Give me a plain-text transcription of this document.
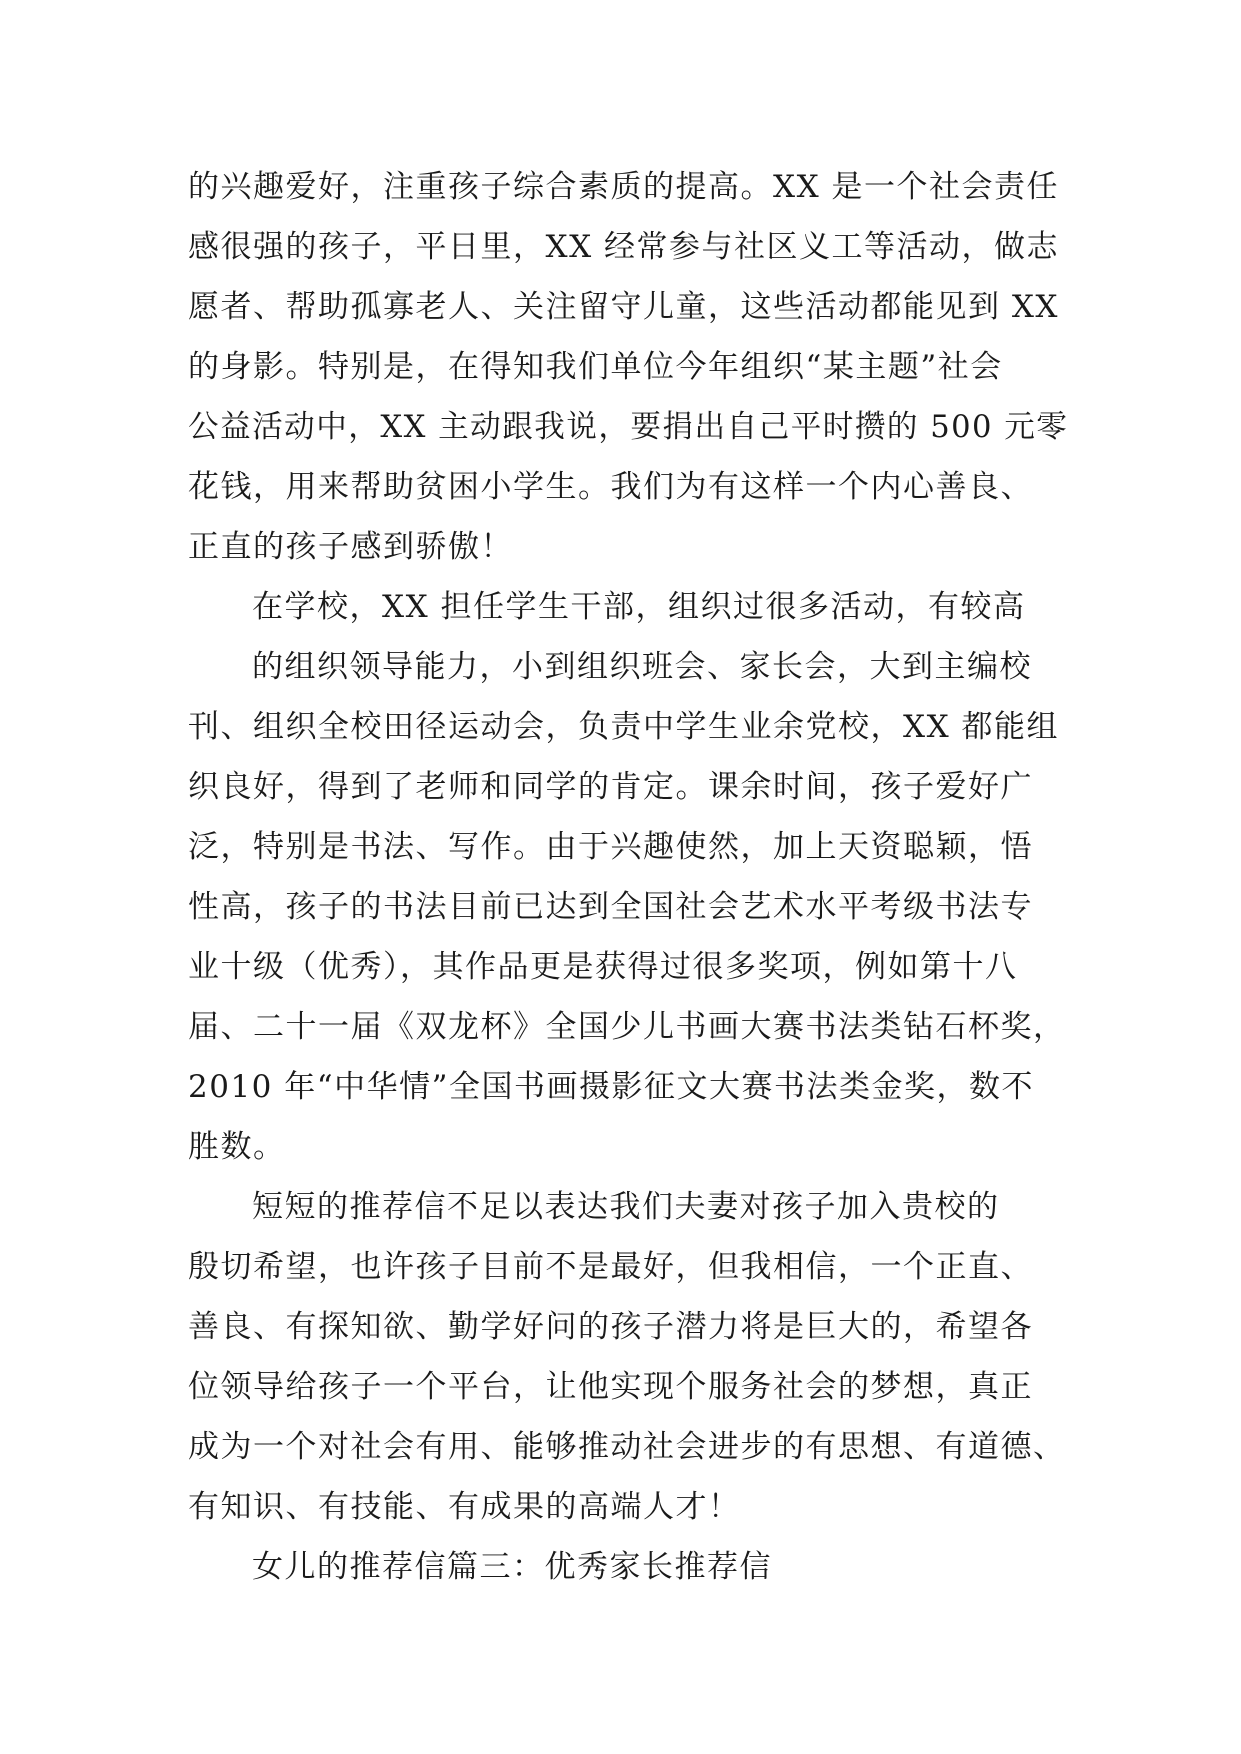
的兴趣爱好，注重孩子综合素质的提高。XX 是一个社会责任
感很强的孩子，平日里，XX 经常参与社区义工等活动，做志
愿者、帮助孤寡老人、关注留守儿童，这些活动都能见到 XX
的身影。特别是，在得知我们单位今年组织“某主题”社会
公益活动中，XX 主动跟我说，要捐出自己平时攒的 500 元零
花钱，用来帮助贫困小学生。我们为有这样一个内心善良、
正直的孩子感到骄傲！
在学校，XX 担任学生干部，组织过很多活动，有较高
的组织领导能力，小到组织班会、家长会，大到主编校
刊、组织全校田径运动会，负责中学生业余党校，XX 都能组
织良好，得到了老师和同学的肯定。课余时间，孩子爱好广
泛，特别是书法、写作。由于兴趣使然，加上天资聪颖，悟
性高，孩子的书法目前已达到全国社会艺术水平考级书法专
业十级（优秀），其作品更是获得过很多奖项，例如第十八
届、二十一届《双龙杯》全国少儿书画大赛书法类钻石杯奖，
2010 年“中华情”全国书画摄影征文大赛书法类金奖，数不
胜数。
短短的推荐信不足以表达我们夫妻对孩子加入贵校的
殷切希望，也许孩子目前不是最好，但我相信，一个正直、
善良、有探知欲、勤学好问的孩子潜力将是巨大的，希望各
位领导给孩子一个平台，让他实现个服务社会的梦想，真正
成为一个对社会有用、能够推动社会进步的有思想、有道德、
有知识、有技能、有成果的高端人才！
女儿的推荐信篇三：优秀家长推荐信
